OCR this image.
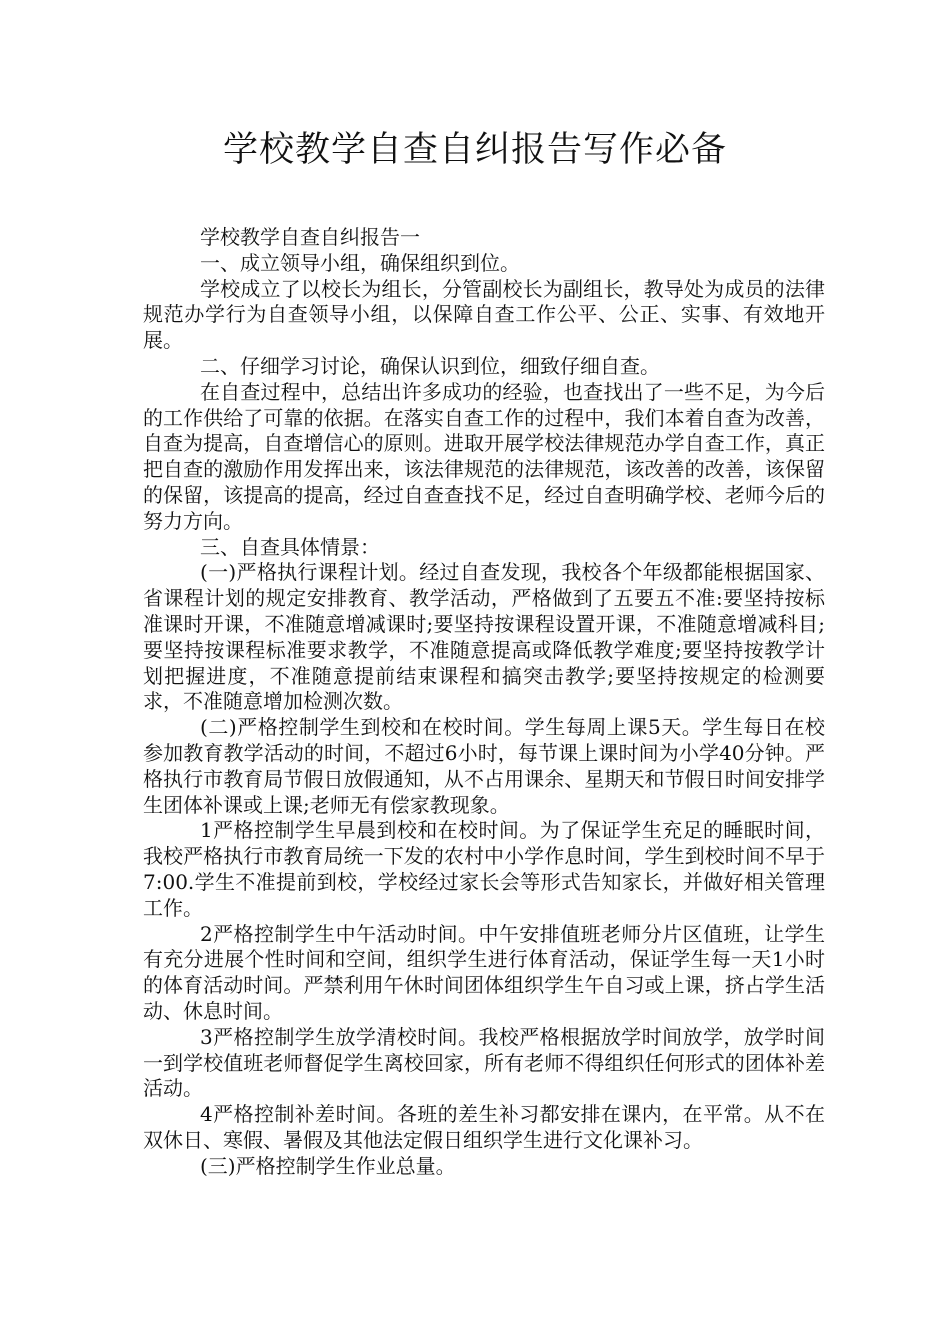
学校教学自查自纠报告写作必备

学校教学自查自纠报告一

一、成立领导小组，确保组织到位。

学校成立了以校长为组长，分管副校长为副组长，教导处为成员的法律规范办学行为自查领导小组，以保障自查工作公平、公正、实事、有效地开展。

二、仔细学习讨论，确保认识到位，细致仔细自查。

在自查过程中，总结出许多成功的经验，也查找出了一些不足，为今后的工作供给了可靠的依据。在落实自查工作的过程中，我们本着自查为改善，自查为提高，自查增信心的原则。进取开展学校法律规范办学自查工作，真正把自查的激励作用发挥出来，该法律规范的法律规范，该改善的改善，该保留的保留，该提高的提高，经过自查查找不足，经过自查明确学校、老师今后的努力方向。

三、自查具体情景：

(一)严格执行课程计划。经过自查发现，我校各个年级都能根据国家、省课程计划的规定安排教育、教学活动，严格做到了五要五不准:要坚持按标准课时开课，不准随意增减课时;要坚持按课程设置开课，不准随意增减科目;要坚持按课程标准要求教学，不准随意提高或降低教学难度;要坚持按教学计划把握进度，不准随意提前结束课程和搞突击教学;要坚持按规定的检测要求，不准随意增加检测次数。

(二)严格控制学生到校和在校时间。学生每周上课5天。学生每日在校参加教育教学活动的时间，不超过6小时，每节课上课时间为小学40分钟。严格执行市教育局节假日放假通知，从不占用课余、星期天和节假日时间安排学生团体补课或上课;老师无有偿家教现象。

1严格控制学生早晨到校和在校时间。为了保证学生充足的睡眠时间，我校严格执行市教育局统一下发的农村中小学作息时间，学生到校时间不早于7:00.学生不准提前到校，学校经过家长会等形式告知家长，并做好相关管理工作。

2严格控制学生中午活动时间。中午安排值班老师分片区值班，让学生有充分进展个性时间和空间，组织学生进行体育活动，保证学生每一天1小时的体育活动时间。严禁利用午休时间团体组织学生午自习或上课，挤占学生活动、休息时间。

3严格控制学生放学清校时间。我校严格根据放学时间放学，放学时间一到学校值班老师督促学生离校回家，所有老师不得组织任何形式的团体补差活动。

4严格控制补差时间。各班的差生补习都安排在课内，在平常。从不在双休日、寒假、暑假及其他法定假日组织学生进行文化课补习。

(三)严格控制学生作业总量。
